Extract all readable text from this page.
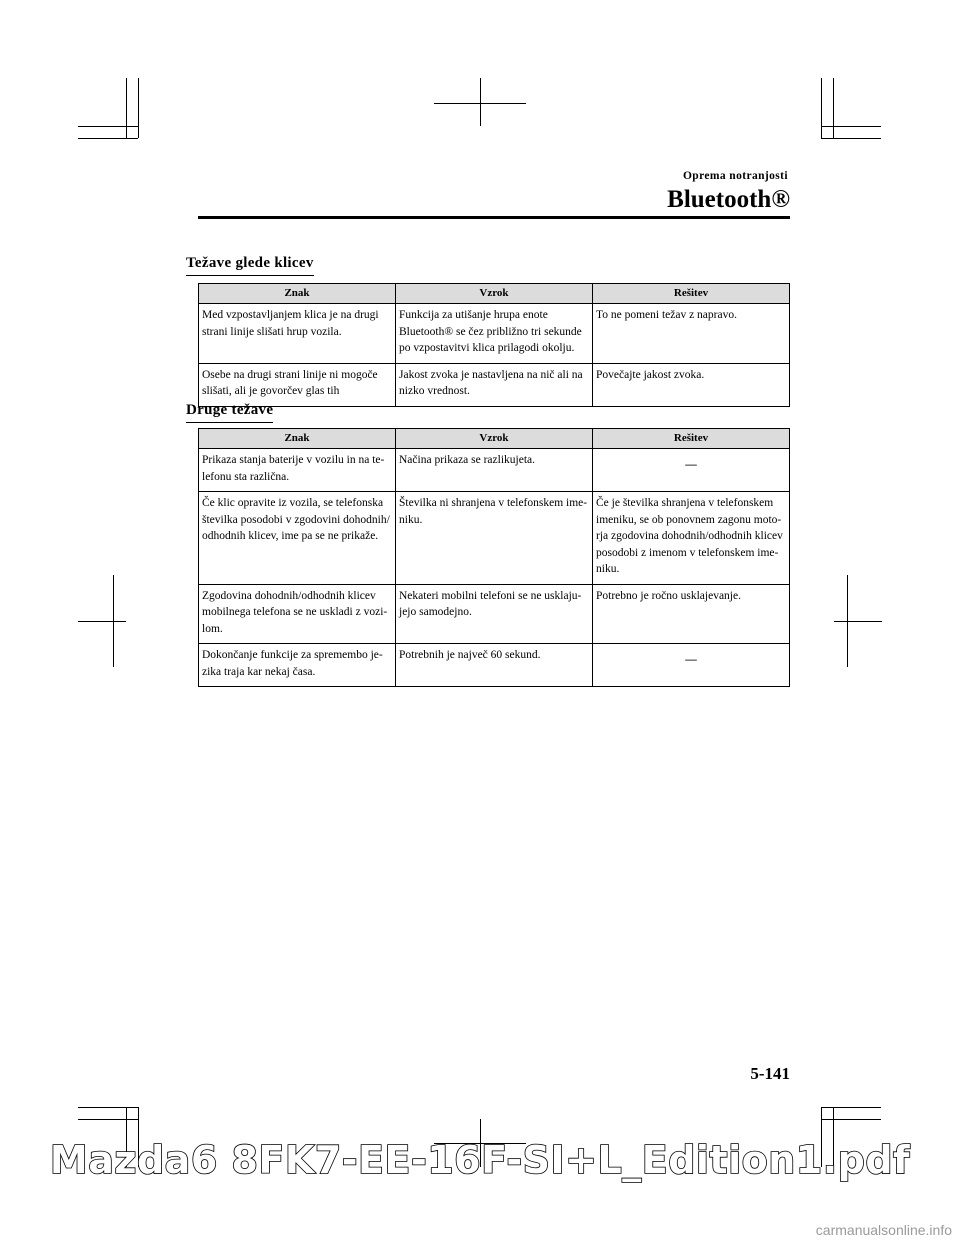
Oprema notranjosti
Bluetooth®
Težave glede klicev
Znak	Vzrok	Rešitev
Med vzpostavljanjem klica je na drugi strani linije slišati hrup vozila.	Funkcija za utišanje hrupa enote Bluetooth® se čez približno tri sekunde po vzpostavitvi klica prilagodi okolju.	To ne pomeni težav z napravo.
Osebe na drugi strani linije ni mogoče slišati, ali je govorčev glas tih	Jakost zvoka je nastavljena na nič ali na nizko vrednost.	Povečajte jakost zvoka.
Druge težave
Znak	Vzrok	Rešitev
Prikaza stanja baterije v vozilu in na te-lefonu sta različna.	Načina prikaza se razlikujeta.	—
Če klic opravite iz vozila, se telefonska številka posodobi v zgodovini dohodnih/ odhodnih klicev, ime pa se ne prikaže.	Številka ni shranjena v telefonskem ime-niku.	Če je številka shranjena v telefonskem imeniku, se ob ponovnem zagonu moto-rja zgodovina dohodnih/odhodnih klicev posodobi z imenom v telefonskem ime-niku.
Zgodovina dohodnih/odhodnih klicev mobilnega telefona se ne uskladi z vozi-lom.	Nekateri mobilni telefoni se ne usklaju-jejo samodejno.	Potrebno je ročno usklajevanje.
Dokončanje funkcije za spremembo je-zika traja kar nekaj časa.	Potrebnih je največ 60 sekund.	—
5-141
Mazda6 8FK7-EE-16F-SI+L_Edition1.pdf
carmanualsonline.info
